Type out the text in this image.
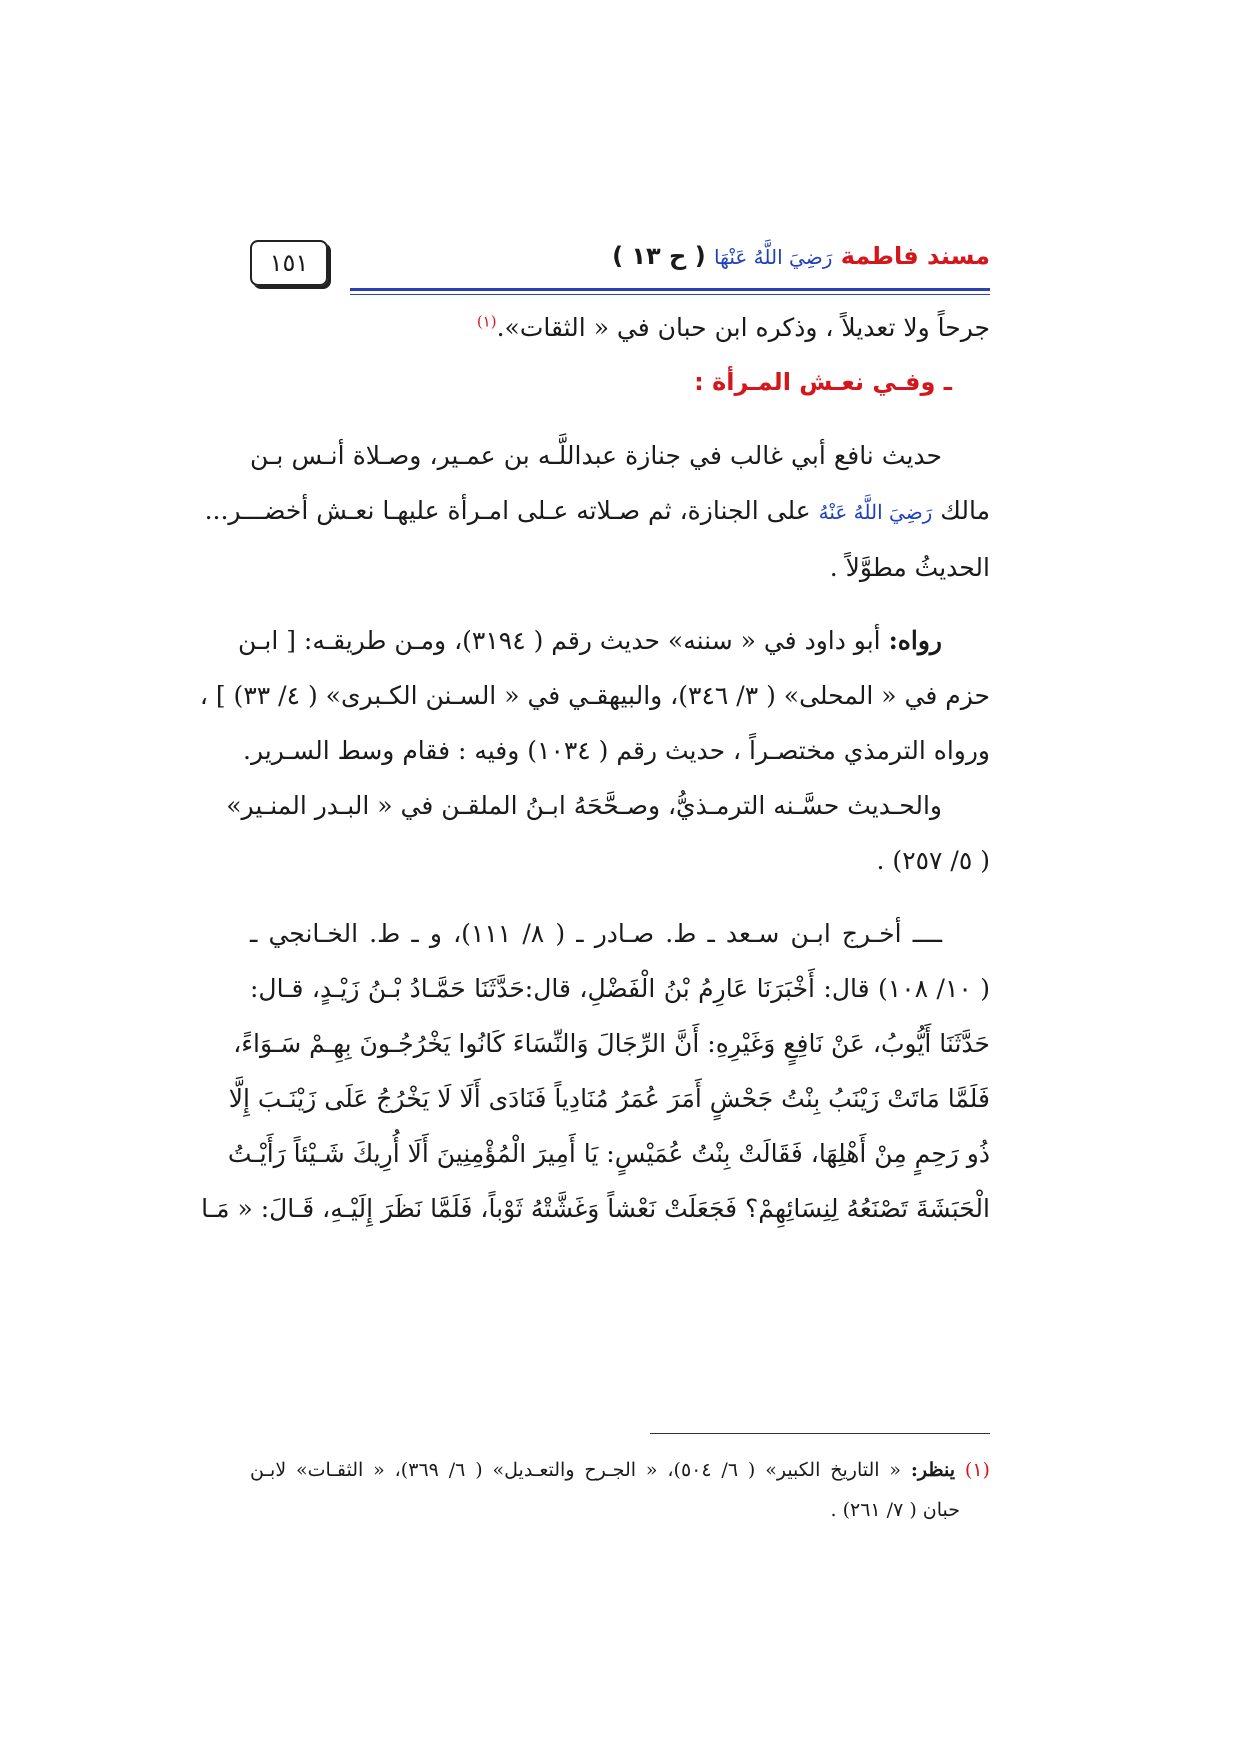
١٥١	مسند فاطمة رَضِيَ اللَّهُ عَنْهَا ( ح ١٣ )
جرحاً ولا تعديلاً ، وذكره ابن حبان في « الثقات».$^{(١)}$
ـ وفـي نعـش المـرأة :
حديث نافع أبي غالب في جنازة عبداللَّـه بن عمـير، وصـلاة أنـس بـن
مالك رَضِيَ اللَّهُ عَنْهُ على الجنازة، ثم صـلاته عـلى امـرأة عليهـا نعـش أخضـــر...
الحديثُ مطوَّلاً .
رواه: أبو داود في « سننه» حديث رقم ( ٣١٩٤)، ومـن طريقـه: [ ابـن
حزم في « المحلى» ( ٣/ ٣٤٦)، والبيهقـي في « السـنن الكـبرى» ( ٤/ ٣٣) ] ،
ورواه الترمذي مختصـراً ، حديث رقم ( ١٠٣٤) وفيه : فقام وسط السـرير.
والحـديث حسَّـنه الترمـذيُّ، وصـحَّحَهُ ابـنُ الملقـن في « البـدر المنـير»
( ٥/ ٢٥٧) .
ــــ أخـرج ابـن سـعد ـ ط. صـادر ـ ( ٨/ ١١١)، و ـ ط. الخـانجي ـ
( ١٠/ ١٠٨) قال: أَخْبَرَنَا عَارِمُ بْنُ الْفَضْلِ، قال:حَدَّثَنَا حَمَّـادُ بْـنُ زَيْـدٍ، قـال:
حَدَّثَنَا أَيُّوبُ، عَنْ نَافِعٍ وَغَيْرِهِ: أَنَّ الرِّجَالَ وَالنِّسَاءَ كَانُوا يَخْرُجُـونَ بِهِـمْ سَـوَاءً،
فَلَمَّا مَاتَتْ زَيْنَبُ بِنْتُ جَحْشٍ أَمَرَ عُمَرُ مُنَادِياً فَنَادَى أَلَا لَا يَخْرُجُ عَلَى زَيْنَـبَ إِلَّا
ذُو رَحِمٍ مِنْ أَهْلِهَا، فَقَالَتْ بِنْتُ عُمَيْسٍ: يَا أَمِيرَ الْمُؤْمِنِينَ أَلَا أُرِيكَ شَـيْئاً رَأَيْـتُ
الْحَبَشَةَ تَصْنَعُهُ لِنِسَائِهِمْ؟ فَجَعَلَتْ نَعْشاً وَغَشَّتْهُ ثَوْباً، فَلَمَّا نَظَرَ إِلَيْـهِ، قَـالَ: « مَـا
(١) ينظر: « التاريخ الكبير» ( ٦/ ٥٠٤)، « الجـرح والتعـديل» ( ٦/ ٣٦٩)، « الثقـات» لابـن
حبان ( ٧/ ٢٦١) .
